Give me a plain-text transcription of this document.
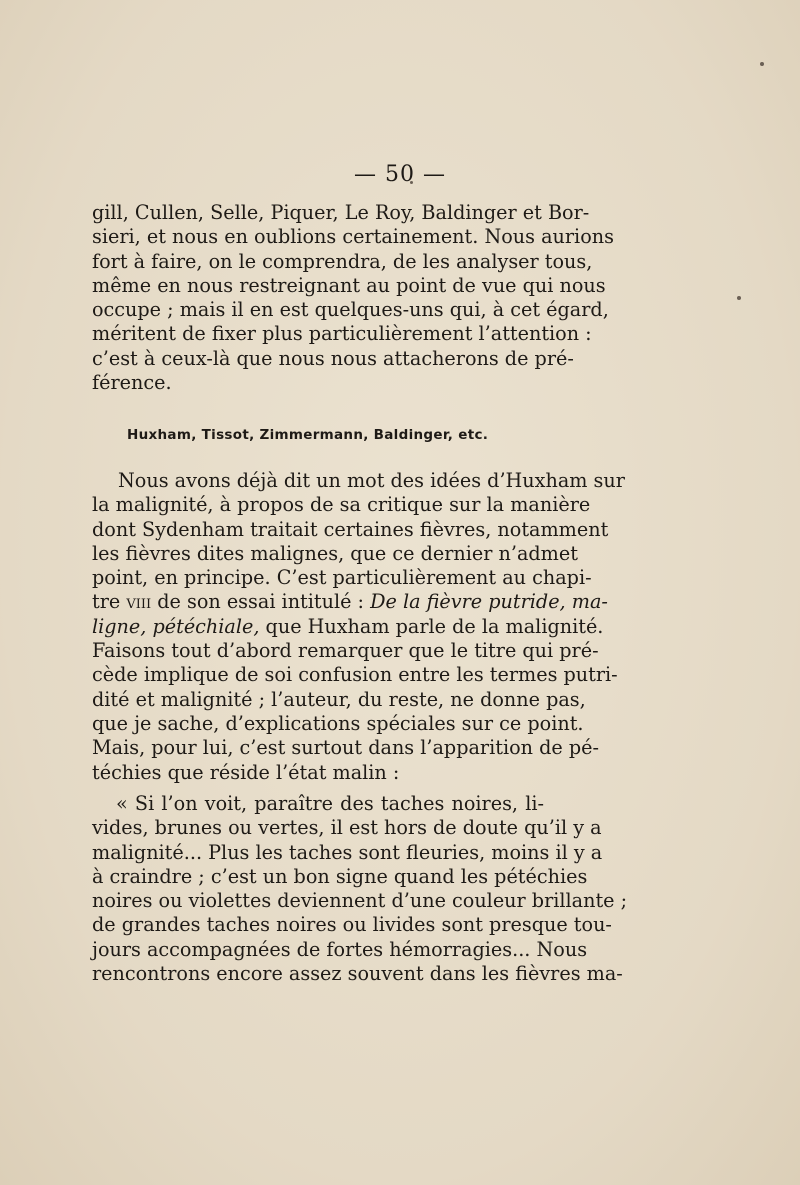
— 50 —
gill, Cullen, Selle, Piquer, Le Roy, Baldinger et Bor-
sieri, et nous en oublions certainement. Nous aurions
fort à faire, on le comprendra, de les analyser tous,
même en nous restreignant au point de vue qui nous
occupe ; mais il en est quelques-uns qui, à cet égard,
méritent de fixer plus particulièrement l’attention :
c’est à ceux-là que nous nous attacherons de pré-
férence.
Huxham, Tissot, Zimmermann, Baldinger, etc.
Nous avons déjà dit un mot des idées d’Huxham sur
la malignité, à propos de sa critique sur la manière
dont Sydenham traitait certaines fièvres, notamment
les fièvres dites malignes, que ce dernier n’admet
point, en principe. C’est particulièrement au chapi-
tre viii de son essai intitulé : De la fièvre putride, ma-
ligne, pétéchiale, que Huxham parle de la malignité.
Faisons tout d’abord remarquer que le titre qui pré-
cède implique de soi confusion entre les termes putri-
dité et malignité ; l’auteur, du reste, ne donne pas,
que je sache, d’explications spéciales sur ce point.
Mais, pour lui, c’est surtout dans l’apparition de pé-
téchies que réside l’état malin :
« Si l’on voit, paraître des taches noires, li-
vides, brunes ou vertes, il est hors de doute qu’il y a
malignité... Plus les taches sont fleuries, moins il y a
à craindre ; c’est un bon signe quand les pétéchies
noires ou violettes deviennent d’une couleur brillante ;
de grandes taches noires ou livides sont presque tou-
jours accompagnées de fortes hémorragies... Nous
rencontrons encore assez souvent dans les fièvres ma-
